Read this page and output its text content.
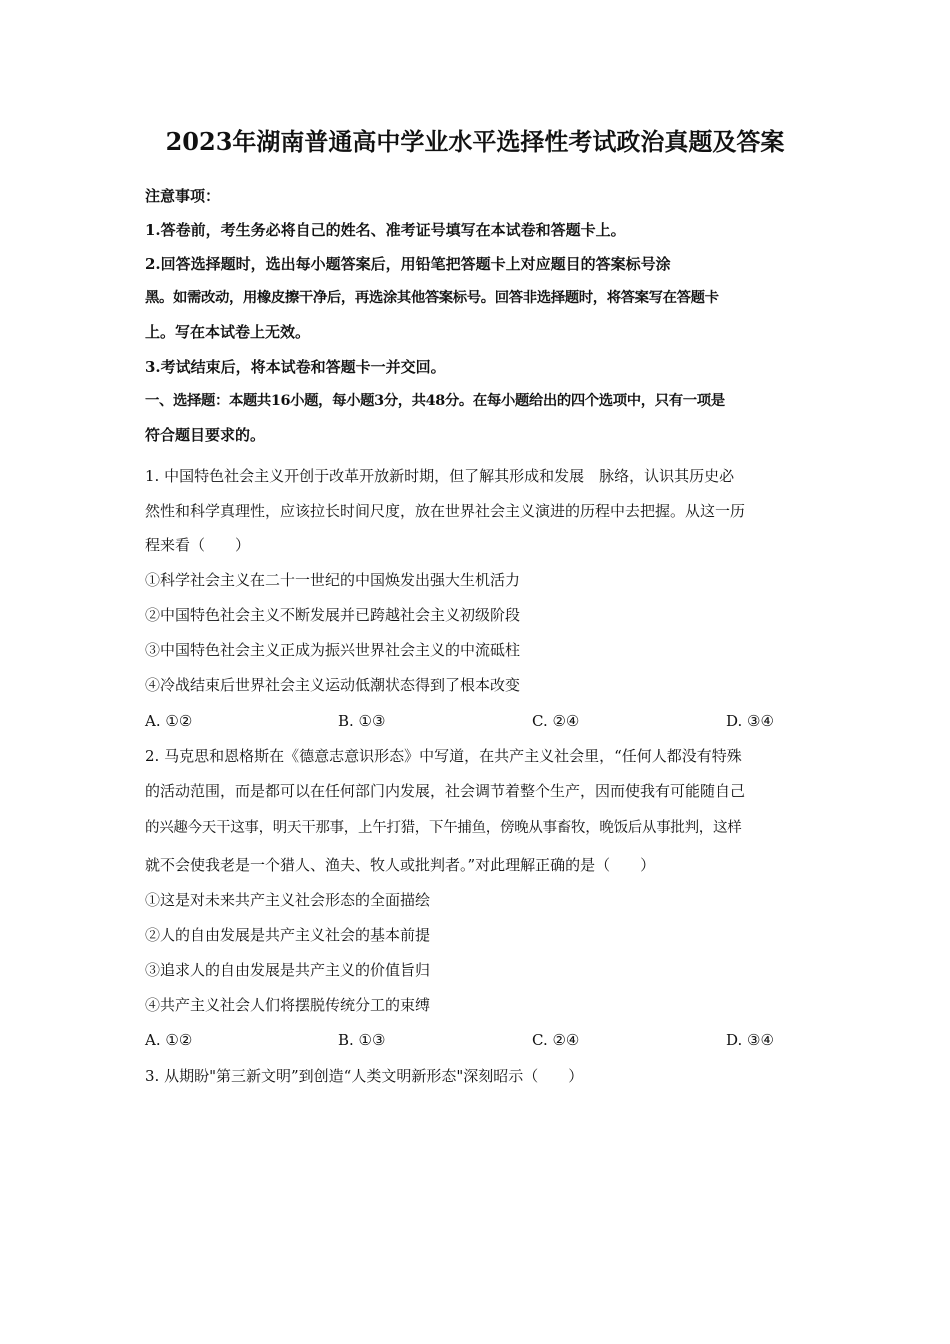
2023年湖南普通高中学业水平选择性考试政治真题及答案
注意事项：
1.答卷前，考生务必将自己的姓名、准考证号填写在本试卷和答题卡上。
2.回答选择题时，选出每小题答案后，用铅笔把答题卡上对应题目的答案标号涂
黑。如需改动，用橡皮擦干净后，再选涂其他答案标号。回答非选择题时，将答案写在答题卡
上。写在本试卷上无效。
3.考试结束后，将本试卷和答题卡一并交回。
一、选择题：本题共16小题，每小题3分，共48分。在每小题给出的四个选项中，只有一项是
符合题目要求的。
1. 中国特色社会主义开创于改革开放新时期，但了解其形成和发展　脉络，认识其历史必
然性和科学真理性，应该拉长时间尺度，放在世界社会主义演进的历程中去把握。从这一历
程来看（　　）
①科学社会主义在二十一世纪的中国焕发出强大生机活力
②中国特色社会主义不断发展并已跨越社会主义初级阶段
③中国特色社会主义正成为振兴世界社会主义的中流砥柱
④冷战结束后世界社会主义运动低潮状态得到了根本改变
A. ①②	B. ①③	C. ②④	D. ③④
2. 马克思和恩格斯在《德意志意识形态》中写道，在共产主义社会里，“任何人都没有特殊
的活动范围，而是都可以在任何部门内发展，社会调节着整个生产，因而使我有可能随自己
的兴趣今天干这事，明天干那事，上午打猎，下午捕鱼，傍晚从事畜牧，晚饭后从事批判，这样
就不会使我老是一个猎人、渔夫、牧人或批判者。”对此理解正确的是（　　）
①这是对未来共产主义社会形态的全面描绘
②人的自由发展是共产主义社会的基本前提
③追求人的自由发展是共产主义的价值旨归
④共产主义社会人们将摆脱传统分工的束缚
A. ①②	B. ①③	C. ②④	D. ③④
3. 从期盼"第三新文明”到创造“人类文明新形态"深刻昭示（　　）
